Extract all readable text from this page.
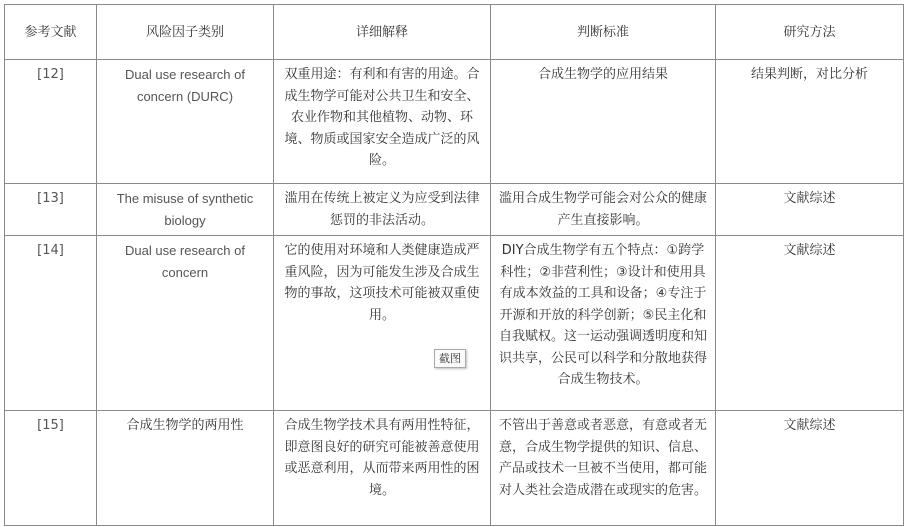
参考文献	风险因子类别	详细解释	判断标准	研究方法
[12]	Dual use research of concern (DURC)	双重用途：有利和有害的用途。合成生物学可能对公共卫生和安全、农业作物和其他植物、动物、环境、物质或国家安全造成广泛的风险。	合成生物学的应用结果	结果判断，对比分析
[13]	The misuse of synthetic biology	滥用在传统上被定义为应受到法律惩罚的非法活动。	滥用合成生物学可能会对公众的健康产生直接影响。	文献综述
[14]	Dual use research of concern	它的使用对环境和人类健康造成严重风险，因为可能发生涉及合成生物的事故，这项技术可能被双重使用。	DIY合成生物学有五个特点：①跨学科性；②非营利性；③设计和使用具有成本效益的工具和设备；④专注于开源和开放的科学创新；⑤民主化和自我赋权。这一运动强调透明度和知识共享，公民可以科学和分散地获得合成生物技术。	文献综述
[15]	合成生物学的两用性	合成生物学技术具有两用性特征，即意图良好的研究可能被善意使用或恶意利用，从而带来两用性的困境。	不管出于善意或者恶意，有意或者无意，合成生物学提供的知识、信息、产品或技术一旦被不当使用，都可能对人类社会造成潜在或现实的危害。	文献综述
截图
